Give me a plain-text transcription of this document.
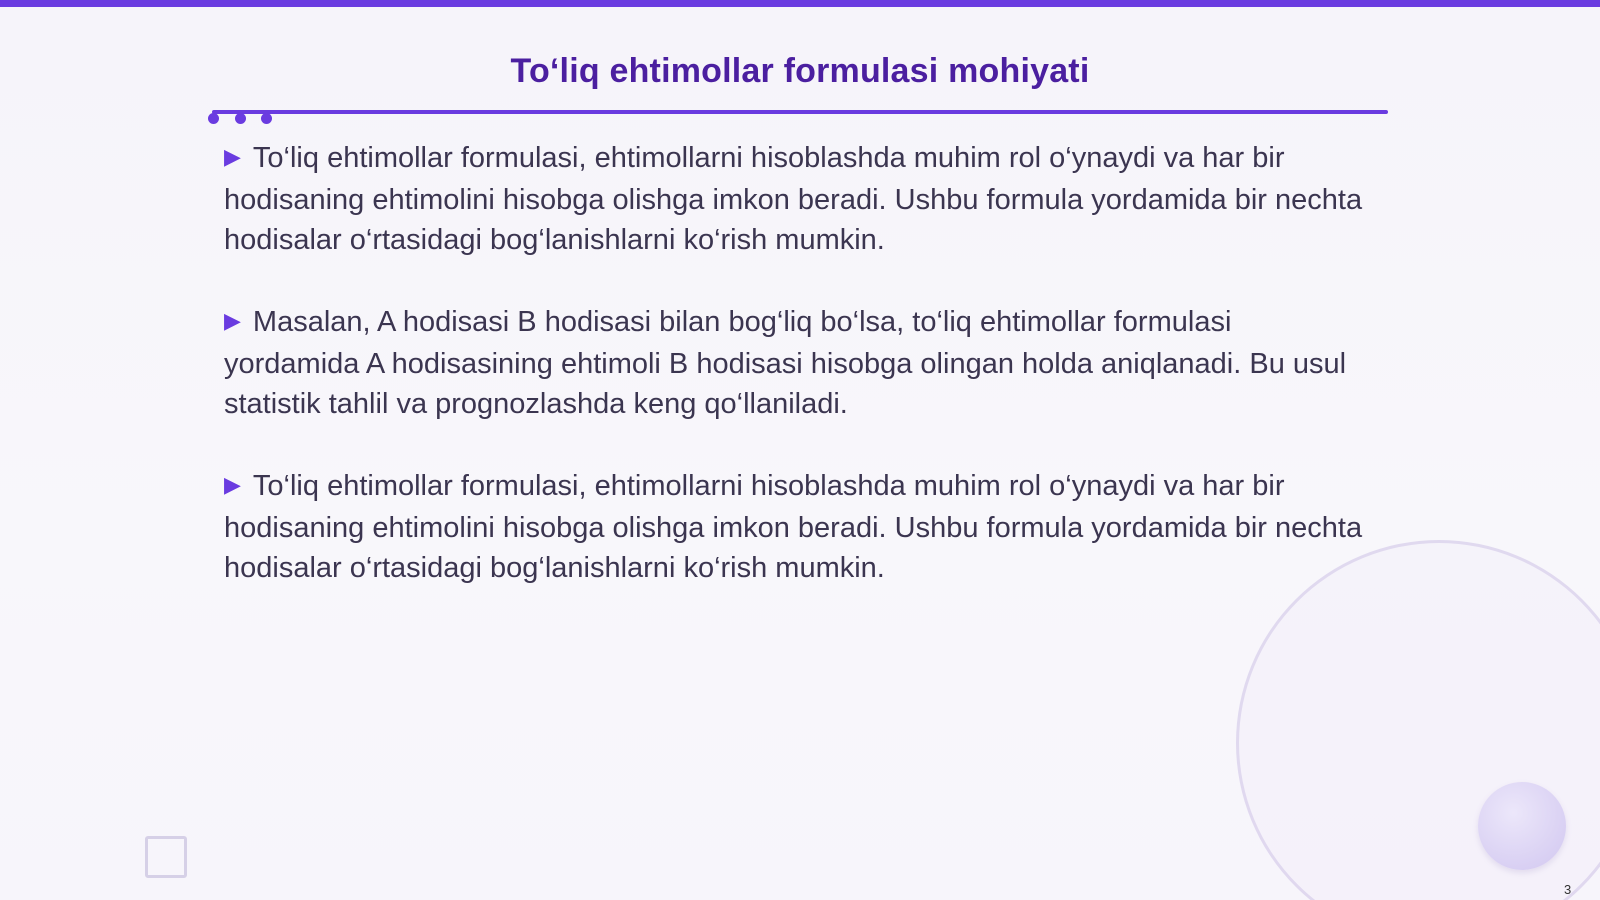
To‘liq ehtimollar formulasi mohiyati

▶ To‘liq ehtimollar formulasi, ehtimollarni hisoblashda muhim rol o‘ynaydi va har bir hodisaning ehtimolini hisobga olishga imkon beradi. Ushbu formula yordamida bir nechta hodisalar o‘rtasidagi bog‘lanishlarni ko‘rish mumkin.

▶ Masalan, A hodisasi B hodisasi bilan bog‘liq bo‘lsa, to‘liq ehtimollar formulasi yordamida A hodisasining ehtimoli B hodisasi hisobga olingan holda aniqlanadi. Bu usul statistik tahlil va prognozlashda keng qo‘llaniladi.

▶ To‘liq ehtimollar formulasi, ehtimollarni hisoblashda muhim rol o‘ynaydi va har bir hodisaning ehtimolini hisobga olishga imkon beradi. Ushbu formula yordamida bir nechta hodisalar o‘rtasidagi bog‘lanishlarni ko‘rish mumkin.

3
